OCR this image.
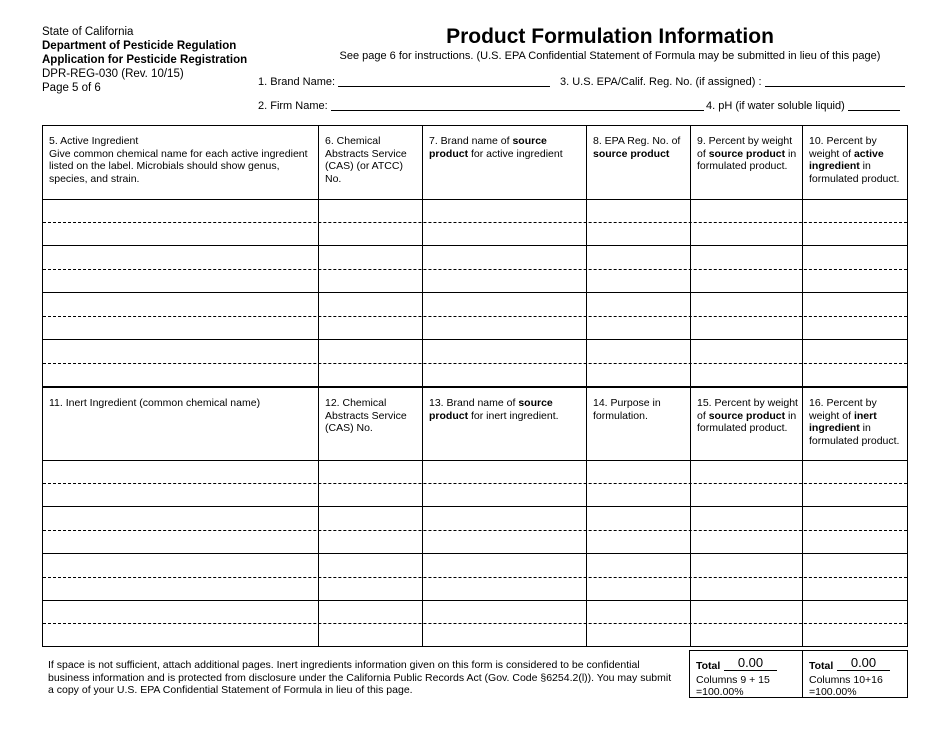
State of California
Department of Pesticide Regulation
Application for Pesticide Registration
DPR-REG-030 (Rev. 10/15)
Page 5 of 6
Product Formulation Information
See page 6 for instructions. (U.S. EPA Confidential Statement of Formula may be submitted in lieu of this page)
1. Brand Name:	3. U.S. EPA/Calif. Reg. No. (if assigned) :
2. Firm Name:	4. pH (if water soluble liquid)
5. Active Ingredient
Give common chemical name for each active ingredient listed on the label. Microbials should show genus, species, and strain.
6. Chemical Abstracts Service (CAS) (or ATCC) No.
7. Brand name of source product for active ingredient
8. EPA Reg. No. of source product
9. Percent by weight of source product in formulated product.
10. Percent by weight of active ingredient in formulated product.
11. Inert Ingredient (common chemical name)	12. Chemical Abstracts Service (CAS) No.
13. Brand name of source product for inert ingredient.
14. Purpose in formulation.
15. Percent by weight of source product in formulated product.
16. Percent by weight of inert ingredient in formulated product.
If space is not sufficient, attach additional pages. Inert ingredients information given on this form is considered to be confidential business information and is protected from disclosure under the California Public Records Act (Gov. Code §6254.2(l)). You may submit a copy of your U.S. EPA Confidential Statement of Formula in lieu of this page.
Total	0.00
Columns 9 + 15
=100.00%
Total	0.00
Columns 10+16
=100.00%
